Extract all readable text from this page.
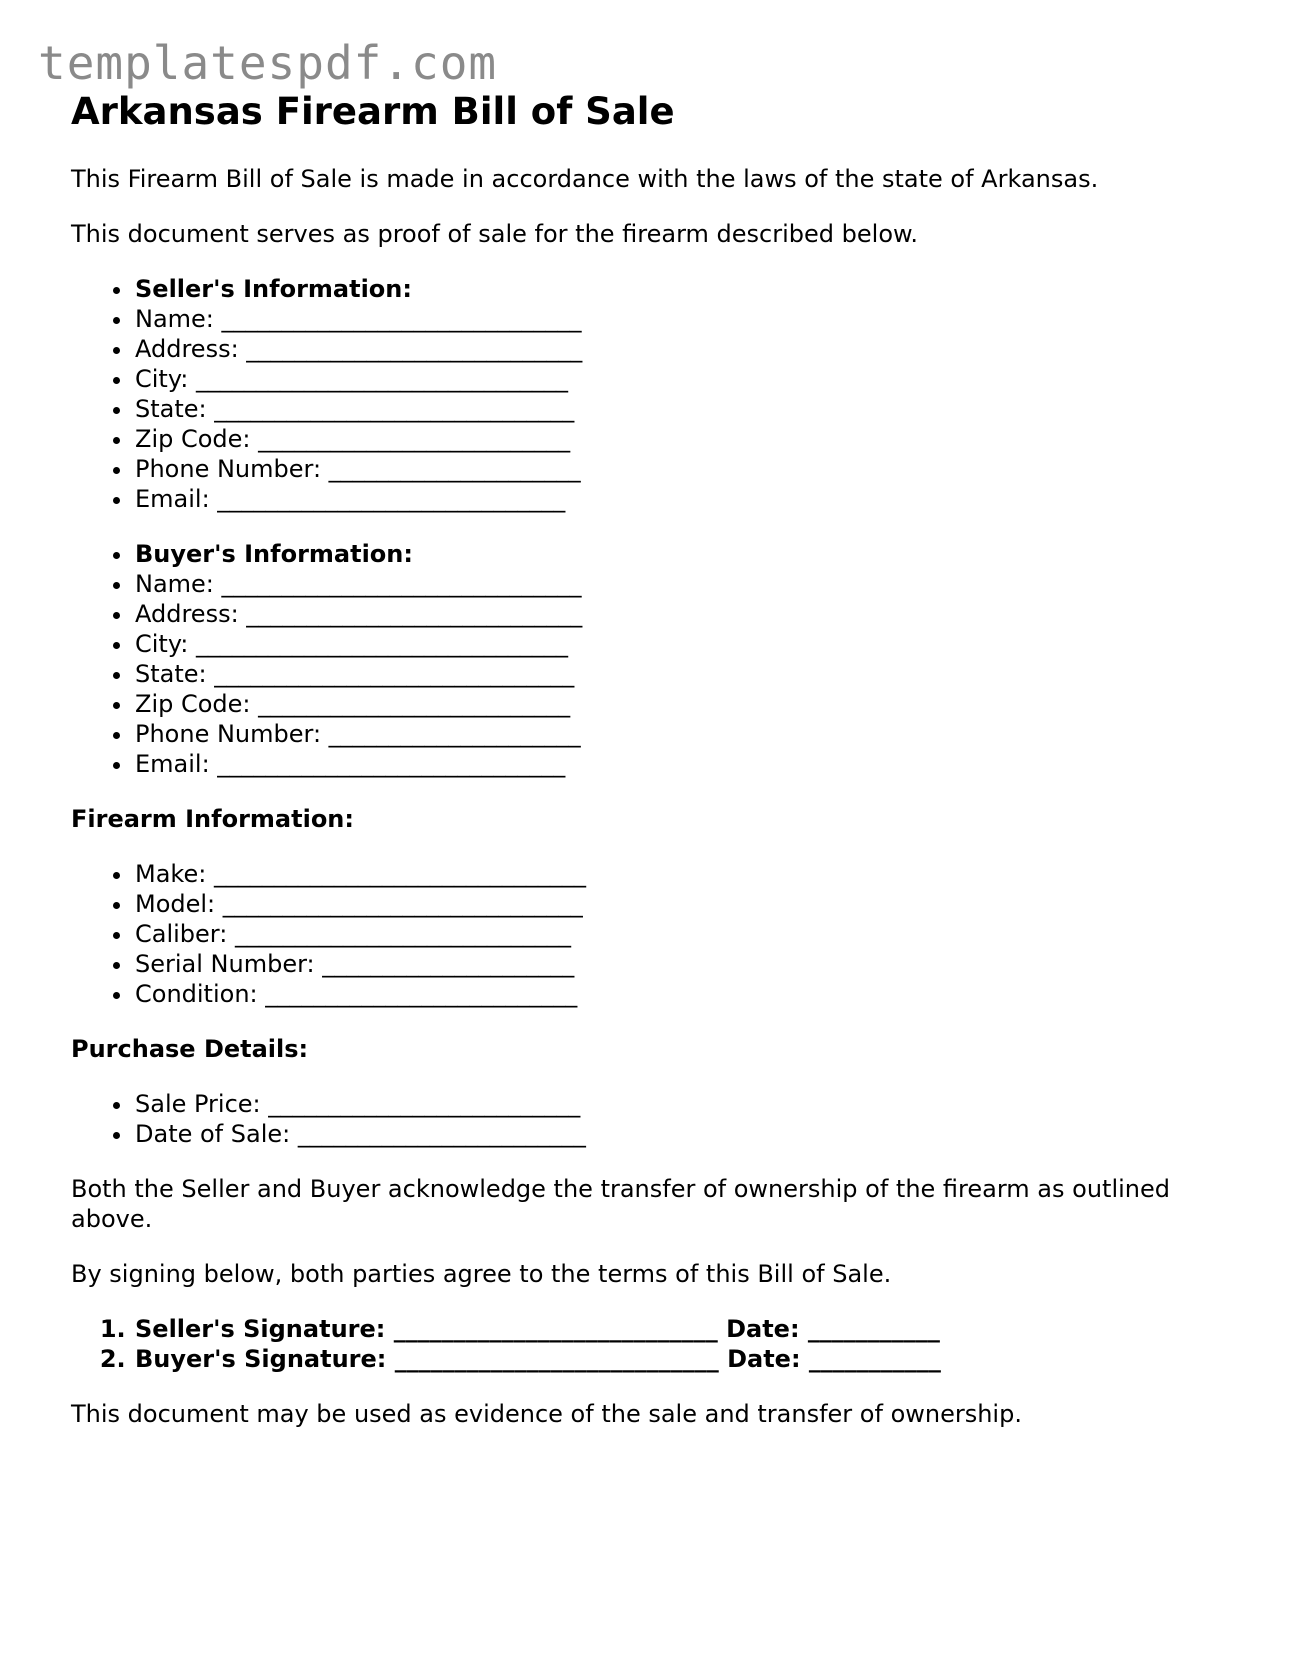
templatespdf.com
Arkansas Firearm Bill of Sale

This Firearm Bill of Sale is made in accordance with the laws of the state of Arkansas.

This document serves as proof of sale for the firearm described below.

• Seller's Information:
• Name: ______________________________
• Address: ____________________________
• City: _______________________________
• State: ______________________________
• Zip Code: __________________________
• Phone Number: _____________________
• Email: _____________________________
• Buyer's Information:
• Name: ______________________________
• Address: ____________________________
• City: _______________________________
• State: ______________________________
• Zip Code: __________________________
• Phone Number: _____________________
• Email: _____________________________
Firearm Information:
• Make: _______________________________
• Model: ______________________________
• Caliber: ____________________________
• Serial Number: _____________________
• Condition: __________________________
Purchase Details:
• Sale Price: __________________________
• Date of Sale: ________________________

Both the Seller and Buyer acknowledge the transfer of ownership of the firearm as outlined above.

By signing below, both parties agree to the terms of this Bill of Sale.

1. Seller's Signature: ___________________________ Date: ___________
2. Buyer's Signature: ___________________________ Date: ___________

This document may be used as evidence of the sale and transfer of ownership.
